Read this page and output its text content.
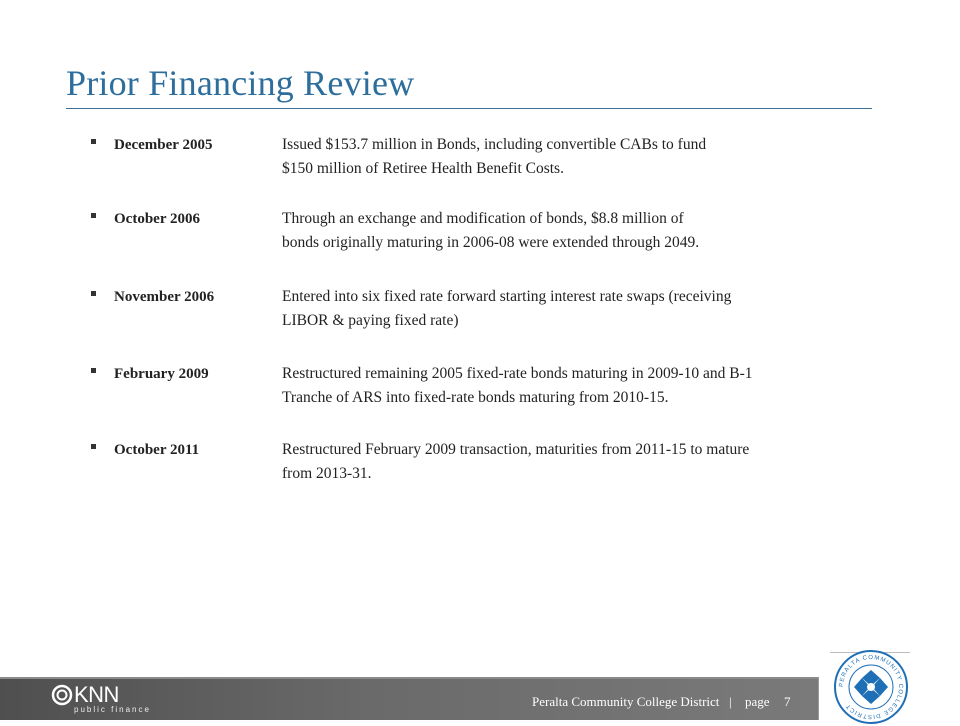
Prior Financing Review
December 2005	Issued $153.7 million in Bonds, including convertible CABs to fund
$150 million of Retiree Health Benefit Costs.
October 2006	Through an exchange and modification of bonds, $8.8 million of
bonds originally maturing in 2006-08 were extended through 2049.
November 2006	Entered into six fixed rate forward starting interest rate swaps (receiving
LIBOR & paying fixed rate)
February 2009	Restructured remaining 2005 fixed-rate bonds maturing in 2009-10 and B-1
Tranche of ARS into fixed-rate bonds maturing from 2010-15.
October 2011	Restructured February 2009 transaction, maturities from 2011-15 to mature
from 2013-31.
KNN
public finance
Peralta Community College District | page 7
PERALTA COMMUNITY COLLEGE DISTRICT
